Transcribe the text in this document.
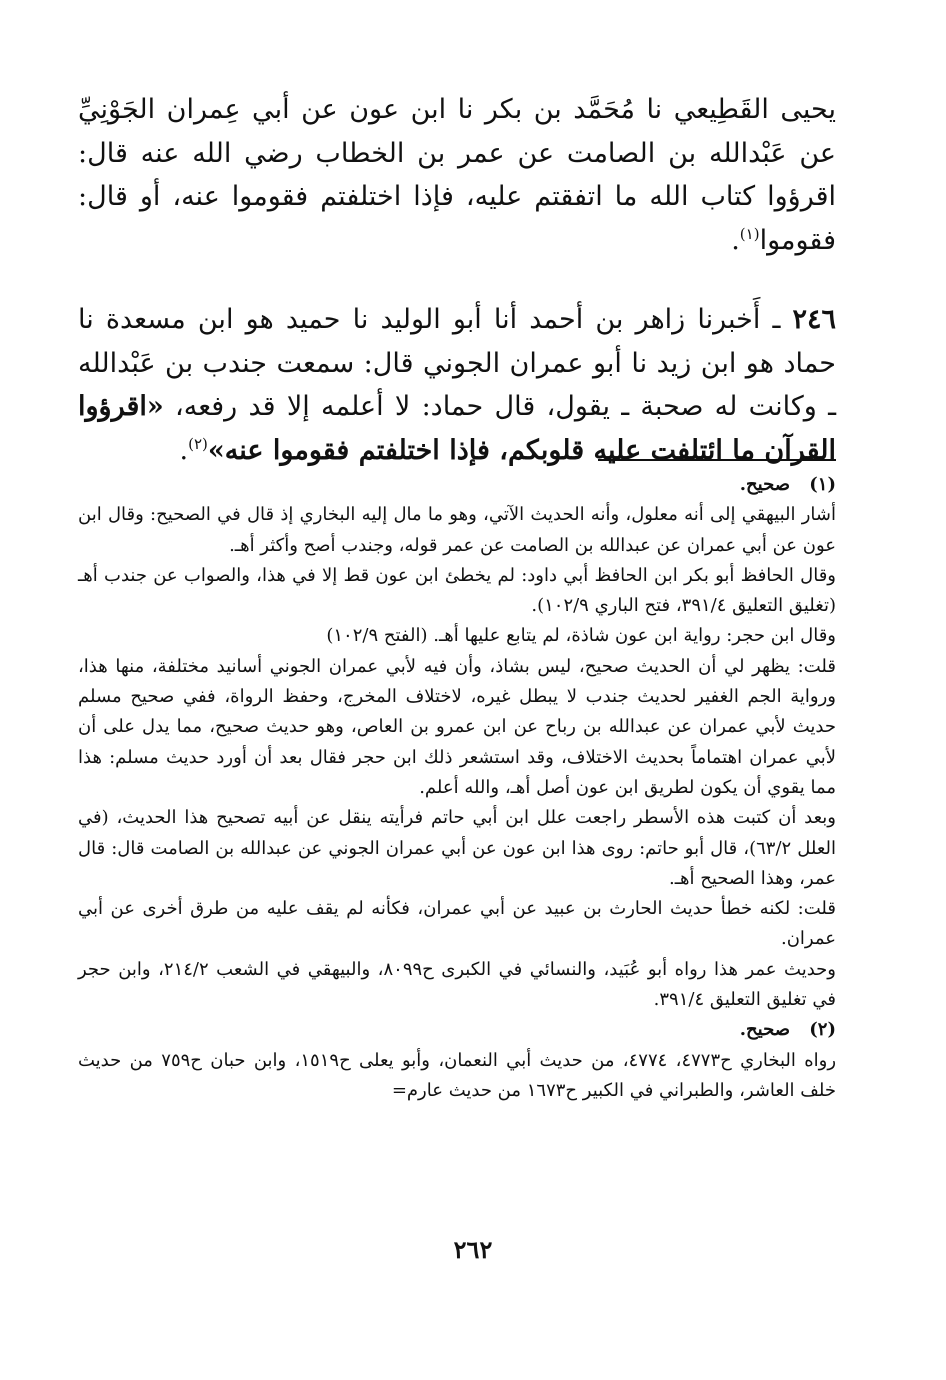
يحيى القَطِيعي نا مُحَمَّد بن بكر نا ابن عون عن أبي عِمران الجَوْنِيِّ عن عَبْدالله بن الصامت عن عمر بن الخطاب رضي الله عنه قال: اقرؤوا كتاب الله ما اتفقتم عليه، فإذا اختلفتم فقوموا عنه، أو قال: فقوموا$^{(١)}$.

٢٤٦ ـ أَخبرنا زاهر بن أحمد أنا أبو الوليد نا حميد هو ابن مسعدة نا حماد هو ابن زيد نا أبو عمران الجوني قال: سمعت جندب بن عَبْدالله ـ وكانت له صحبة ـ يقول، قال حماد: لا أعلمه إلا قد رفعه، «اقرؤوا القرآن ما ائتلفت عليه قلوبكم، فإذا اختلفتم فقوموا عنه»$^{(٢)}$.

(١)صحيح.

أشار البيهقي إلى أنه معلول، وأنه الحديث الآتي، وهو ما مال إليه البخاري إذ قال في الصحيح: وقال ابن عون عن أبي عمران عن عبدالله بن الصامت عن عمر قوله، وجندب أصح وأكثر أهـ.

وقال الحافظ أبو بكر ابن الحافظ أبي داود: لم يخطئ ابن عون قط إلا في هذا، والصواب عن جندب أهـ (تغليق التعليق ٣٩١/٤، فتح الباري ١٠٢/٩).

وقال ابن حجر: رواية ابن عون شاذة، لم يتابع عليها أهـ. (الفتح ١٠٢/٩)

قلت: يظهر لي أن الحديث صحيح، ليس بشاذ، وأن فيه لأبي عمران الجوني أسانيد مختلفة، منها هذا، ورواية الجم الغفير لحديث جندب لا يبطل غيره، لاختلاف المخرج، وحفظ الرواة، ففي صحيح مسلم حديث لأبي عمران عن عبدالله بن رباح عن ابن عمرو بن العاص، وهو حديث صحيح، مما يدل على أن لأبي عمران اهتماماً بحديث الاختلاف، وقد استشعر ذلك ابن حجر فقال بعد أن أورد حديث مسلم: هذا مما يقوي أن يكون لطريق ابن عون أصل أهـ، والله أعلم.

وبعد أن كتبت هذه الأسطر راجعت علل ابن أبي حاتم فرأيته ينقل عن أبيه تصحيح هذا الحديث، (في العلل ٦٣/٢)، قال أبو حاتم: روى هذا ابن عون عن أبي عمران الجوني عن عبدالله بن الصامت قال: قال عمر، وهذا الصحيح أهـ.

قلت: لكنه خطأ حديث الحارث بن عبيد عن أبي عمران، فكأنه لم يقف عليه من طرق أخرى عن أبي عمران.

وحديث عمر هذا رواه أبو عُبَيد، والنسائي في الكبرى ح٨٠٩٩، والبيهقي في الشعب ٢١٤/٢، وابن حجر في تغليق التعليق ٣٩١/٤.

(٢)صحيح.

رواه البخاري ح٤٧٧٣، ٤٧٧٤، من حديث أبي النعمان، وأبو يعلى ح١٥١٩، وابن حبان ح٧٥٩ من حديث خلف العاشر، والطبراني في الكبير ح١٦٧٣ من حديث عارم=

٢٦٢
